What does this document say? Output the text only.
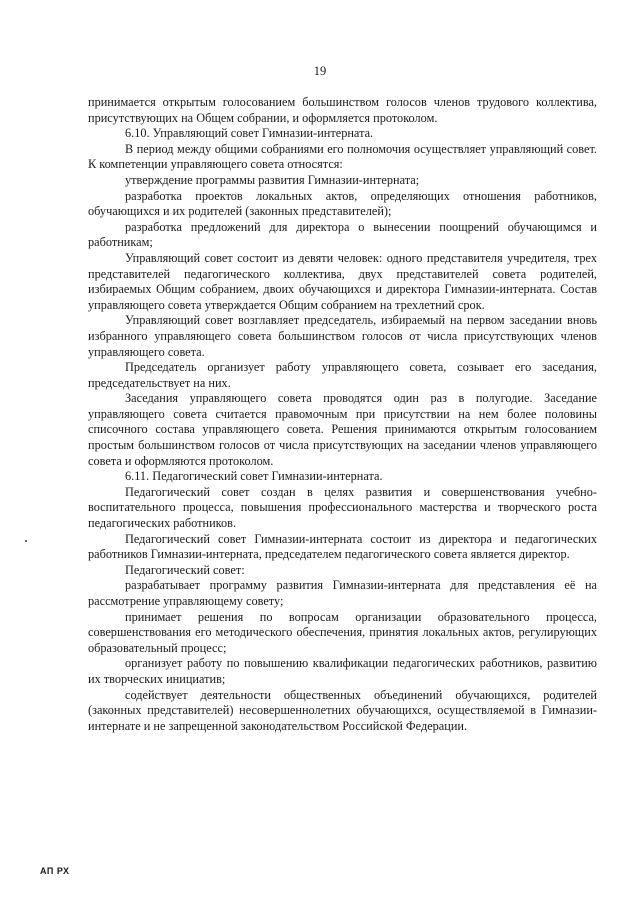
19

принимается открытым голосованием большинством голосов членов трудового коллектива, присутствующих на Общем собрании, и оформляется протоколом.

6.10. Управляющий совет Гимназии-интерната.

В период между общими собраниями его полномочия осуществляет управляющий совет. К компетенции управляющего совета относятся:

утверждение программы развития Гимназии-интерната;

разработка проектов локальных актов, определяющих отношения работников, обучающихся и их родителей (законных представителей);

разработка предложений для директора о вынесении поощрений обучающимся и работникам;

Управляющий совет состоит из девяти человек: одного представителя учредителя, трех представителей педагогического коллектива, двух представителей совета родителей, избираемых Общим собранием, двоих обучающихся и директора Гимназии-интерната. Состав управляющего совета утверждается Общим собранием на трехлетний срок.

Управляющий совет возглавляет председатель, избираемый на первом заседании вновь избранного управляющего совета большинством голосов от числа присутствующих членов управляющего совета.

Председатель организует работу управляющего совета, созывает его заседания, председательствует на них.

Заседания управляющего совета проводятся один раз в полугодие. Заседание управляющего совета считается правомочным при присутствии на нем более половины списочного состава управляющего совета. Решения принимаются открытым голосованием простым большинством голосов от числа присутствующих на заседании членов управляющего совета и оформляются протоколом.

6.11. Педагогический совет Гимназии-интерната.

Педагогический совет создан в целях развития и совершенствования учебно-воспитательного процесса, повышения профессионального мастерства и творческого роста педагогических работников.

Педагогический совет Гимназии-интерната состоит из директора и педагогических работников Гимназии-интерната, председателем педагогического совета является директор.

Педагогический совет:

разрабатывает программу развития Гимназии-интерната для представления её на рассмотрение управляющему совету;

принимает решения по вопросам организации образовательного процесса, совершенствования его методического обеспечения, принятия локальных актов, регулирующих образовательный процесс;

организует работу по повышению квалификации педагогических работников, развитию их творческих инициатив;

содействует деятельности общественных объединений обучающихся, родителей (законных представителей) несовершеннолетних обучающихся, осуществляемой в Гимназии-интернате и не запрещенной законодательством Российской Федерации.

АП РХ
